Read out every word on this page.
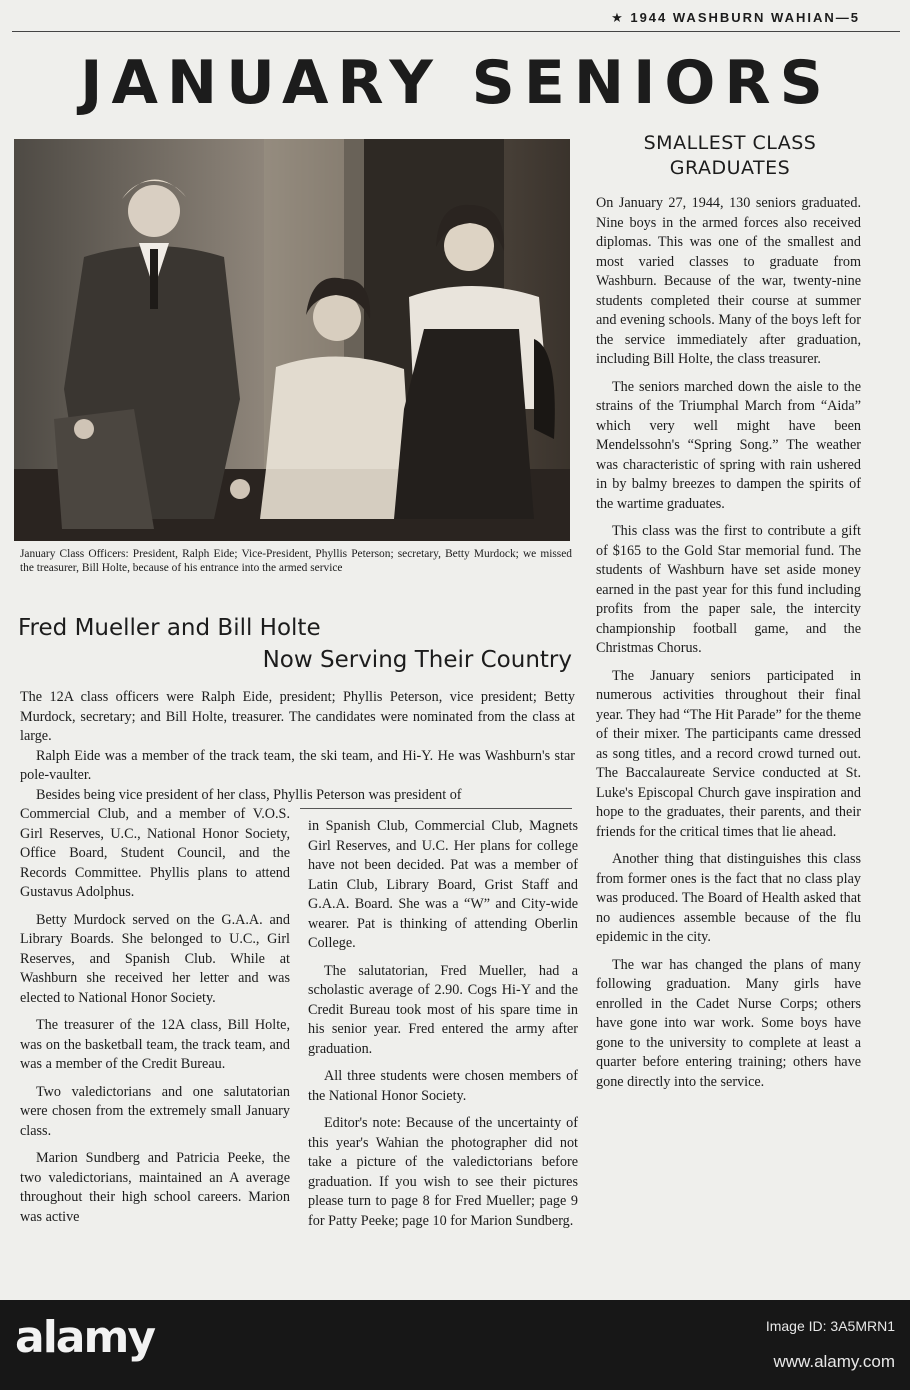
★ 1944 WASHBURN WAHIAN—5
JANUARY SENIORS
January Class Officers: President, Ralph Eide; Vice-President, Phyllis Peterson; secretary, Betty Murdock; we missed the treasurer, Bill Holte, because of his entrance into the armed service
Fred Mueller and Bill Holte
Now Serving Their Country

The 12A class officers were Ralph Eide, president; Phyllis Peterson, vice president; Betty Murdock, secretary; and Bill Holte, treasurer. The candidates were nominated from the class at large.

Ralph Eide was a member of the track team, the ski team, and Hi-Y. He was Washburn's star pole-vaulter.

Besides being vice president of her class, Phyllis Peterson was president of

Commercial Club, and a member of V.O.S. Girl Reserves, U.C., National Honor Society, Office Board, Student Council, and the Records Committee. Phyllis plans to attend Gustavus Adolphus.

Betty Murdock served on the G.A.A. and Library Boards. She belonged to U.C., Girl Reserves, and Spanish Club. While at Washburn she received her letter and was elected to National Honor Society.

The treasurer of the 12A class, Bill Holte, was on the basketball team, the track team, and was a member of the Credit Bureau.

Two valedictorians and one salutatorian were chosen from the extremely small January class.

Marion Sundberg and Patricia Peeke, the two valedictorians, maintained an A average throughout their high school careers. Marion was active

in Spanish Club, Commercial Club, Magnets Girl Reserves, and U.C. Her plans for college have not been decided. Pat was a member of Latin Club, Library Board, Grist Staff and G.A.A. Board. She was a “W” and City-wide wearer. Pat is thinking of attending Oberlin College.

The salutatorian, Fred Mueller, had a scholastic average of 2.90. Cogs Hi-Y and the Credit Bureau took most of his spare time in his senior year. Fred entered the army after graduation.

All three students were chosen members of the National Honor Society.

Editor's note: Because of the uncertainty of this year's Wahian the photographer did not take a picture of the valedictorians before graduation. If you wish to see their pictures please turn to page 8 for Fred Mueller; page 9 for Patty Peeke; page 10 for Marion Sundberg.

SMALLEST CLASS
GRADUATES

On January 27, 1944, 130 seniors graduated. Nine boys in the armed forces also received diplomas. This was one of the smallest and most varied classes to graduate from Washburn. Because of the war, twenty-nine students completed their course at summer and evening schools. Many of the boys left for the service immediately after graduation, including Bill Holte, the class treasurer.

The seniors marched down the aisle to the strains of the Triumphal March from “Aida” which very well might have been Mendelssohn's “Spring Song.” The weather was characteristic of spring with rain ushered in by balmy breezes to dampen the spirits of the wartime graduates.

This class was the first to contribute a gift of $165 to the Gold Star memorial fund. The students of Washburn have set aside money earned in the past year for this fund including profits from the paper sale, the intercity championship football game, and the Christmas Chorus.

The January seniors participated in numerous activities throughout their final year. They had “The Hit Parade” for the theme of their mixer. The participants came dressed as song titles, and a record crowd turned out. The Baccalaureate Service conducted at St. Luke's Episcopal Church gave inspiration and hope to the graduates, their parents, and their friends for the critical times that lie ahead.

Another thing that distinguishes this class from former ones is the fact that no class play was produced. The Board of Health asked that no audiences assemble because of the flu epidemic in the city.

The war has changed the plans of many following graduation. Many girls have enrolled in the Cadet Nurse Corps; others have gone into war work. Some boys have gone to the university to complete at least a quarter before entering training; others have gone directly into the service.

alamy	Image ID: 3A5MRN1
www.alamy.com
